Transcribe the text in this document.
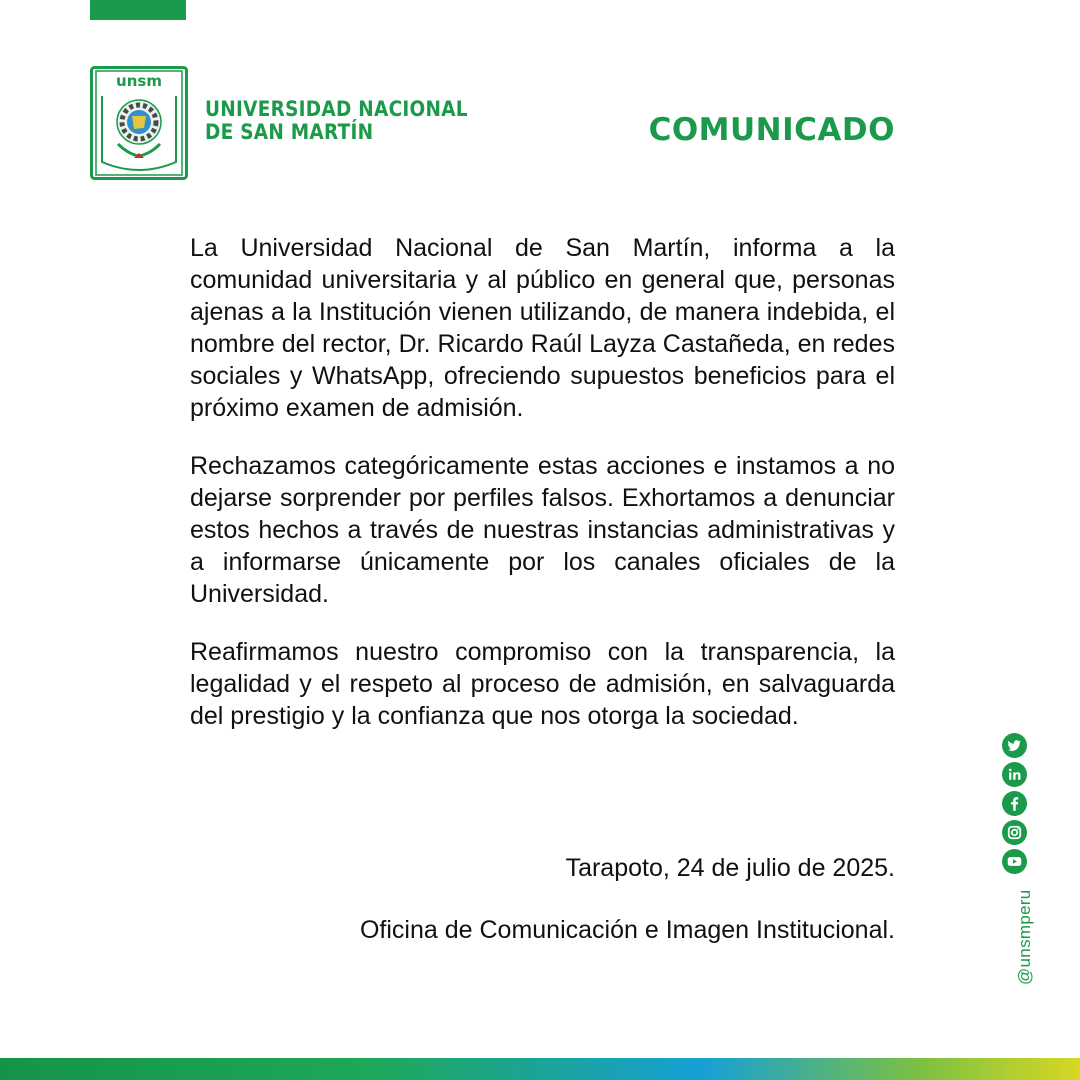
unsm
UNIVERSIDAD NACIONAL
DE SAN MARTÍN	COMUNICADO

La Universidad Nacional de San Martín, informa a la comunidad universitaria y al público en general que, personas ajenas a la Institución vienen utilizando, de manera indebida, el nombre del rector, Dr. Ricardo Raúl Layza Castañeda, en redes sociales y WhatsApp, ofreciendo supuestos beneficios para el próximo examen de admisión.

Rechazamos categóricamente estas acciones e instamos a no dejarse sorprender por perfiles falsos. Exhortamos a denunciar estos hechos a través de nuestras instancias administrativas y a informarse únicamente por los canales oficiales de la Universidad.

Reafirmamos nuestro compromiso con la transparencia, la legalidad y el respeto al proceso de admisión, en salvaguarda del prestigio y la confianza que nos otorga la sociedad.

Tarapoto, 24 de julio de 2025.
Oficina de Comunicación e Imagen Institucional.	@unsmperu
